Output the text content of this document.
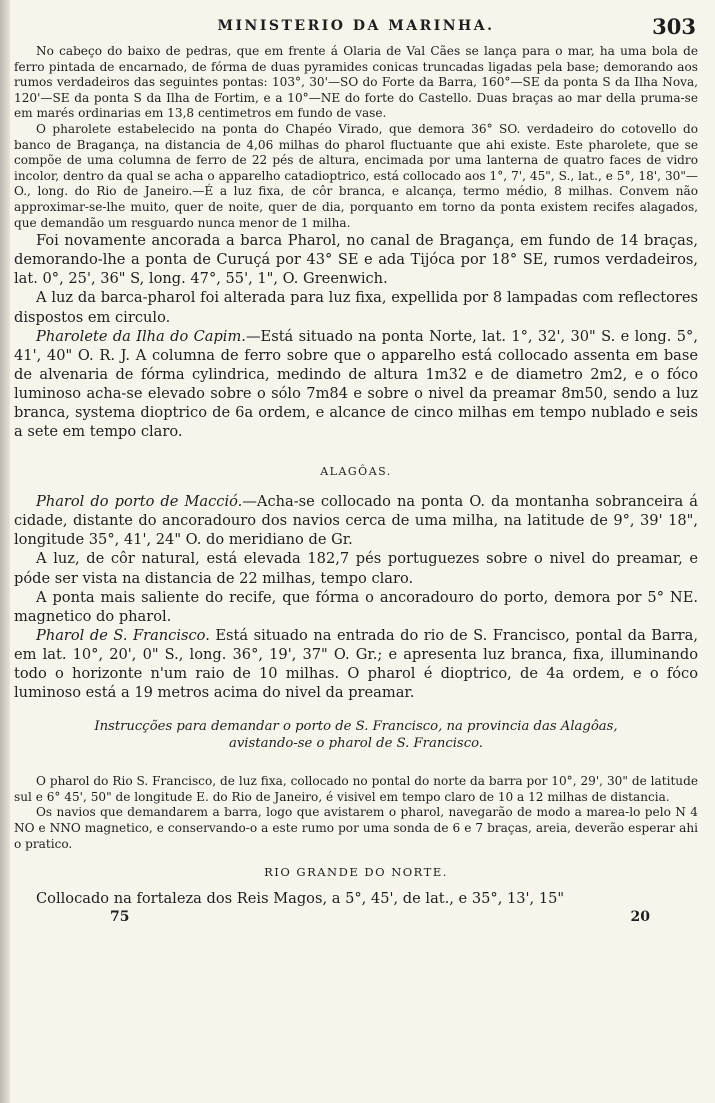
MINISTERIO DA MARINHA.	303

No cabeço do baixo de pedras, que em frente á Olaria de Val Cães se lança para o mar, ha uma bola de ferro pintada de encarnado, de fórma de duas pyramides conicas truncadas ligadas pela base; demorando aos rumos verdadeiros das seguintes pontas: 103°, 30'—SO do Forte da Barra, 160°—SE da ponta S da Ilha Nova, 120'—SE da ponta S da Ilha de Fortim, e a 10°—NE do forte do Castello. Duas braças ao mar della pruma-se em marés ordinarias em 13,8 centimetros em fundo de vase.

O pharolete estabelecido na ponta do Chapéo Virado, que demora 36° SO. verdadeiro do cotovello do banco de Bragança, na distancia de 4,06 milhas do pharol fluctuante que ahi existe. Este pharolete, que se compõe de uma columna de ferro de 22 pés de altura, encimada por uma lanterna de quatro faces de vidro incolor, dentro da qual se acha o apparelho catadioptrico, está collocado aos 1°, 7', 45", S., lat., e 5°, 18', 30"— O., long. do Rio de Janeiro.—É a luz fixa, de côr branca, e alcança, termo médio, 8 milhas. Convem não approximar-se-lhe muito, quer de noite, quer de dia, porquanto em torno da ponta existem recifes alagados, que demandão um resguardo nunca menor de 1 milha.

Foi novamente ancorada a barca Pharol, no canal de Bragança, em fundo de 14 braças, demorando-lhe a ponta de Curuçá por 43° SE e ada Tijóca por 18° SE, rumos verdadeiros, lat. 0°, 25', 36" S, long. 47°, 55', 1", O. Greenwich.

A luz da barca-pharol foi alterada para luz fixa, expellida por 8 lampadas com reflectores dispostos em circulo.

Pharolete da Ilha do Capim.—Está situado na ponta Norte, lat. 1°, 32', 30" S. e long. 5°, 41', 40" O. R. J. A columna de ferro sobre que o apparelho está collocado assenta em base de alvenaria de fórma cylindrica, medindo de altura 1m32 e de diametro 2m2, e o fóco luminoso acha-se elevado sobre o sólo 7m84 e sobre o nivel da preamar 8m50, sendo a luz branca, systema dioptrico de 6a ordem, e alcance de cinco milhas em tempo nublado e seis a sete em tempo claro.

ALAGÔAS.

Pharol do porto de Macció.—Acha-se collocado na ponta O. da montanha sobranceira á cidade, distante do ancoradouro dos navios cerca de uma milha, na latitude de 9°, 39' 18", longitude 35°, 41', 24" O. do meridiano de Gr.

A luz, de côr natural, está elevada 182,7 pés portuguezes sobre o nivel do preamar, e póde ser vista na distancia de 22 milhas, tempo claro.

A ponta mais saliente do recife, que fórma o ancoradouro do porto, demora por 5° NE. magnetico do pharol.

Pharol de S. Francisco. Está situado na entrada do rio de S. Francisco, pontal da Barra, em lat. 10°, 20', 0" S., long. 36°, 19', 37" O. Gr.; e apresenta luz branca, fixa, illuminando todo o horizonte n'um raio de 10 milhas. O pharol é dioptrico, de 4a ordem, e o fóco luminoso está a 19 metros acima do nivel da preamar.

Instrucções para demandar o porto de S. Francisco, na provincia das Alagôas,
avistando-se o pharol de S. Francisco.

O pharol do Rio S. Francisco, de luz fixa, collocado no pontal do norte da barra por 10°, 29', 30" de latitude sul e 6° 45', 50" de longitude E. do Rio de Janeiro, é visivel em tempo claro de 10 a 12 milhas de distancia.

Os navios que demandarem a barra, logo que avistarem o pharol, navegarão de modo a marea-lo pelo N 4 NO e NNO magnetico, e conservando-o a este rumo por uma sonda de 6 e 7 braças, areia, deverão esperar ahi o pratico.

RIO GRANDE DO NORTE.

Collocado na fortaleza dos Reis Magos, a 5°, 45', de lat., e 35°, 13', 15"

75	20
